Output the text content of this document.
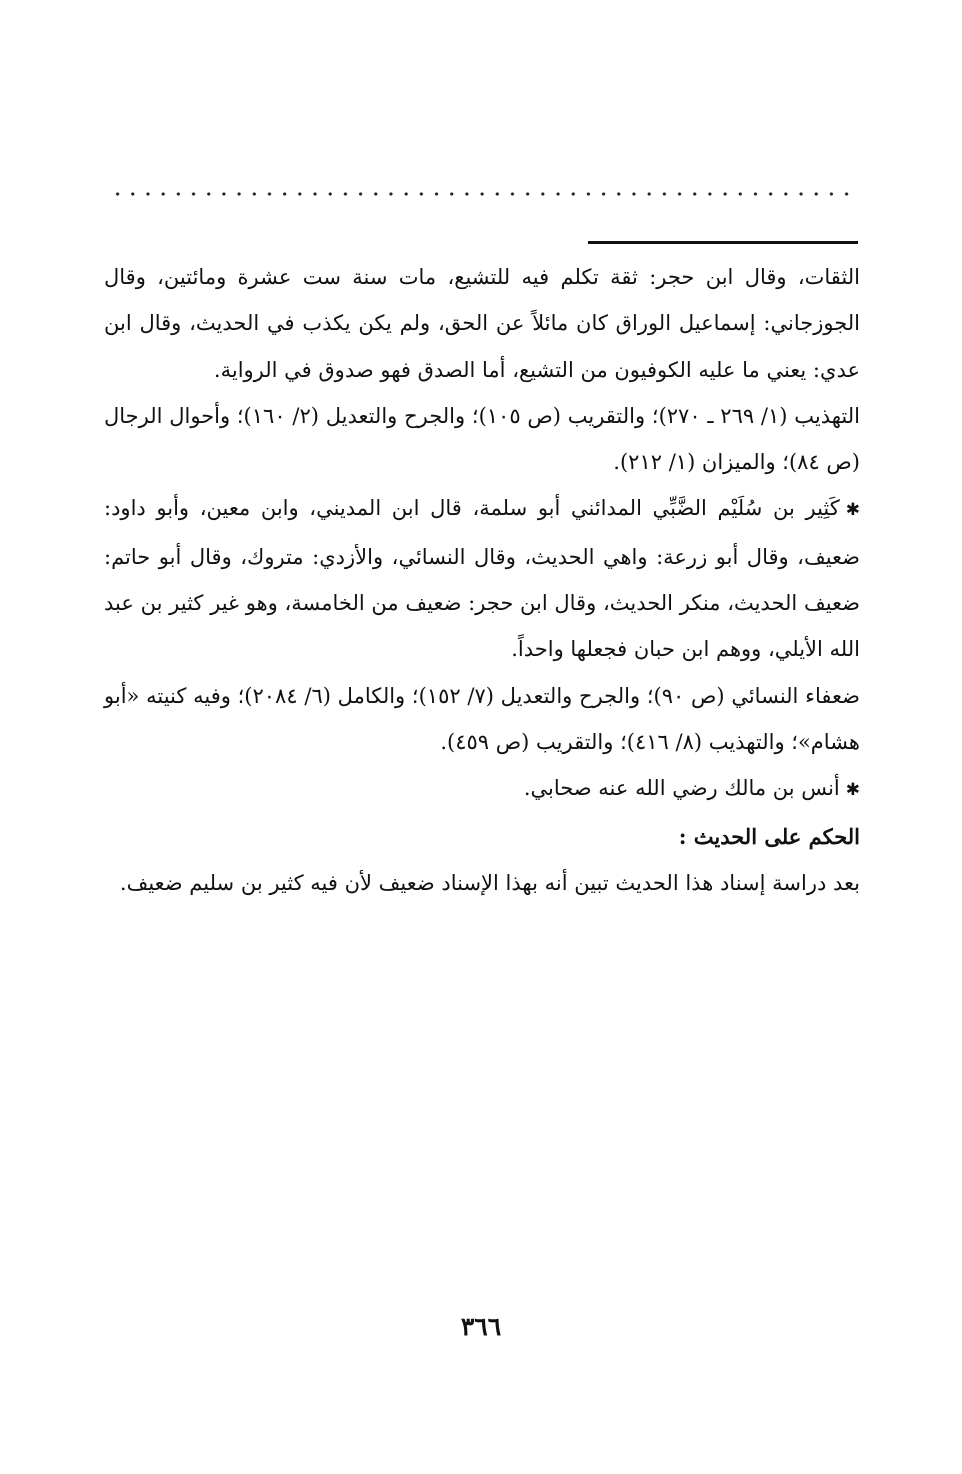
الثقات، وقال ابن حجر: ثقة تكلم فيه للتشيع، مات سنة ست عشرة ومائتين، وقال الجوزجاني: إسماعيل الوراق كان مائلاً عن الحق، ولم يكن يكذب في الحديث، وقال ابن عدي: يعني ما عليه الكوفيون من التشيع، أما الصدق فهو صدوق في الرواية.

التهذيب (١/ ٢٦٩ ـ ٢٧٠)؛ والتقريب (ص ١٠٥)؛ والجرح والتعديل (٢/ ١٦٠)؛ وأحوال الرجال (ص ٨٤)؛ والميزان (١/ ٢١٢).

✱كَثِير بن سُلَيْم الضَّبِّي المدائني أبو سلمة، قال ابن المديني، وابن معين، وأبو داود: ضعيف، وقال أبو زرعة: واهي الحديث، وقال النسائي، والأزدي: متروك، وقال أبو حاتم: ضعيف الحديث، منكر الحديث، وقال ابن حجر: ضعيف من الخامسة، وهو غير كثير بن عبد الله الأيلي، ووهم ابن حبان فجعلها واحداً.

ضعفاء النسائي (ص ٩٠)؛ والجرح والتعديل (٧/ ١٥٢)؛ والكامل (٦/ ٢٠٨٤)؛ وفيه كنيته «أبو هشام»؛ والتهذيب (٨/ ٤١٦)؛ والتقريب (ص ٤٥٩).

✱أنس بن مالك رضي الله عنه صحابي.

الحكم على الحديث :

بعد دراسة إسناد هذا الحديث تبين أنه بهذا الإسناد ضعيف لأن فيه كثير بن سليم ضعيف.

٣٦٦
